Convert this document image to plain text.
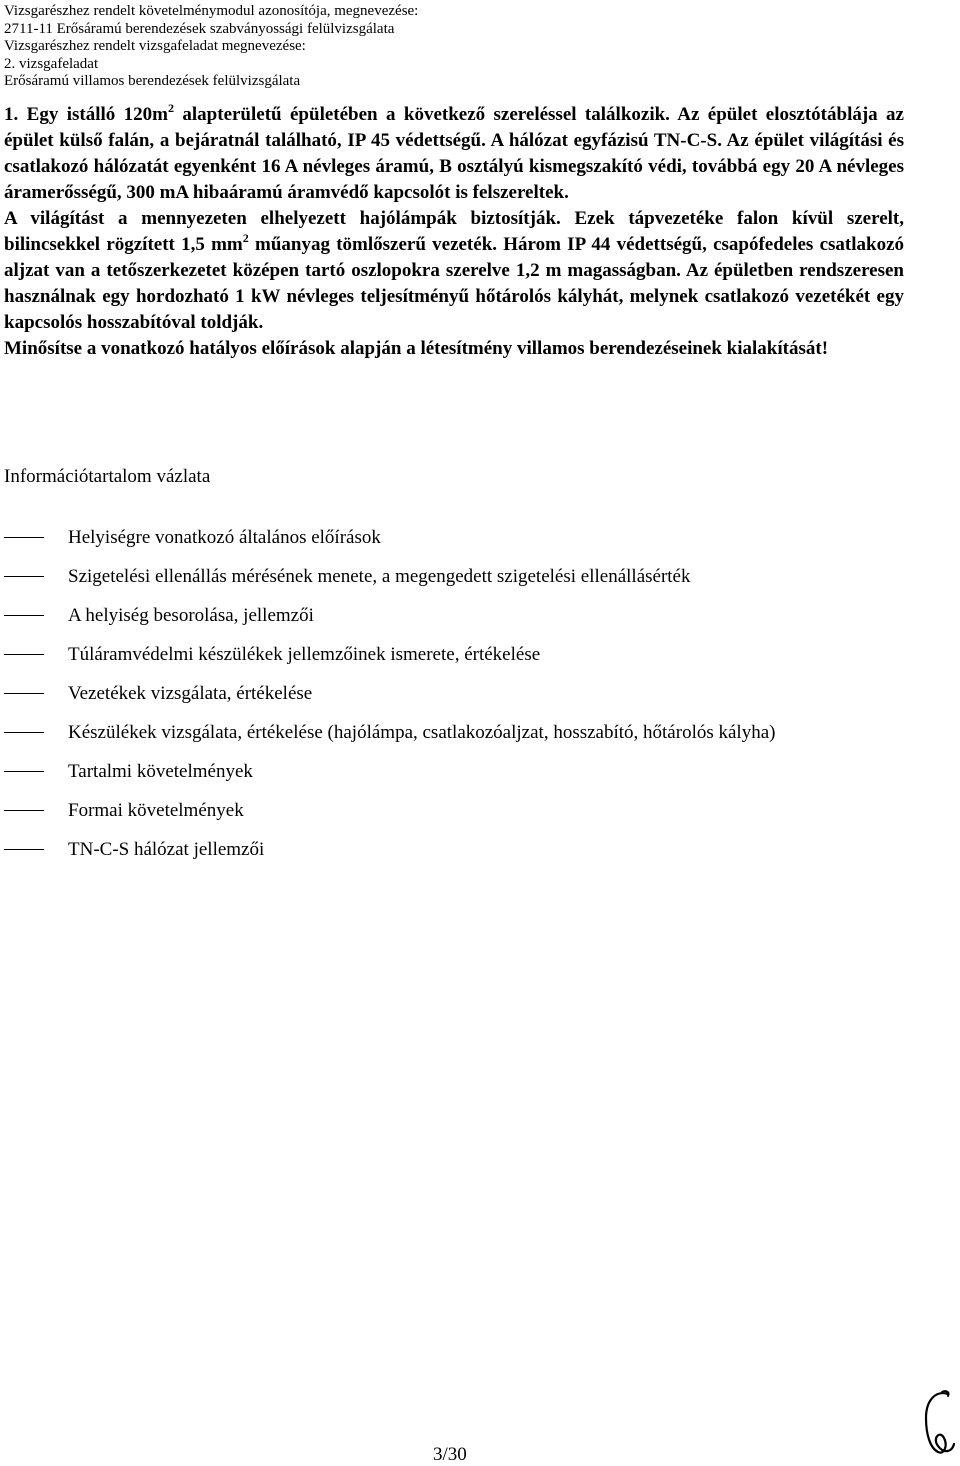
Vizsgarészhez rendelt követelménymodul azonosítója, megnevezése:
2711-11 Erősáramú berendezések szabványossági felülvizsgálata
Vizsgarészhez rendelt vizsgafeladat megnevezése:
2. vizsgafeladat
Erősáramú villamos berendezések felülvizsgálata

1. Egy istálló $120m^2$ alapterületű épületében a következő szereléssel találkozik. Az épület elosztótáblája az épület külső falán, a bejáratnál található, IP 45 védettségű. A hálózat egyfázisú TN-C-S. Az épület világítási és csatlakozó hálózatát egyenként 16 A névleges áramú, B osztályú kismegszakító védi, továbbá egy 20 A névleges áramerősségű, 300 mA hibaáramú áramvédő kapcsolót is felszereltek.

A világítást a mennyezeten elhelyezett hajólámpák biztosítják. Ezek tápvezetéke falon kívül szerelt, bilincsekkel rögzített 1,5 $mm^2$ műanyag tömlőszerű vezeték. Három IP 44 védettségű, csapófedeles csatlakozó aljzat van a tetőszerkezetet középen tartó oszlopokra szerelve 1,2 m magasságban. Az épületben rendszeresen használnak egy hordozható 1 kW névleges teljesítményű hőtárolós kályhát, melynek csatlakozó vezetékét egy kapcsolós hosszabítóval toldják.

Minősítse a vonatkozó hatályos előírások alapján a létesítmény villamos berendezéseinek kialakítását!

Információtartalom vázlata
Helyiségre vonatkozó általános előírások
Szigetelési ellenállás mérésének menete, a megengedett szigetelési ellenállásérték
A helyiség besorolása, jellemzői
Túláramvédelmi készülékek jellemzőinek ismerete, értékelése
Vezetékek vizsgálata, értékelése
Készülékek vizsgálata, értékelése (hajólámpa, csatlakozóaljzat, hosszabító, hőtárolós kályha)
Tartalmi követelmények
Formai követelmények
TN-C-S hálózat jellemzői
3/30
